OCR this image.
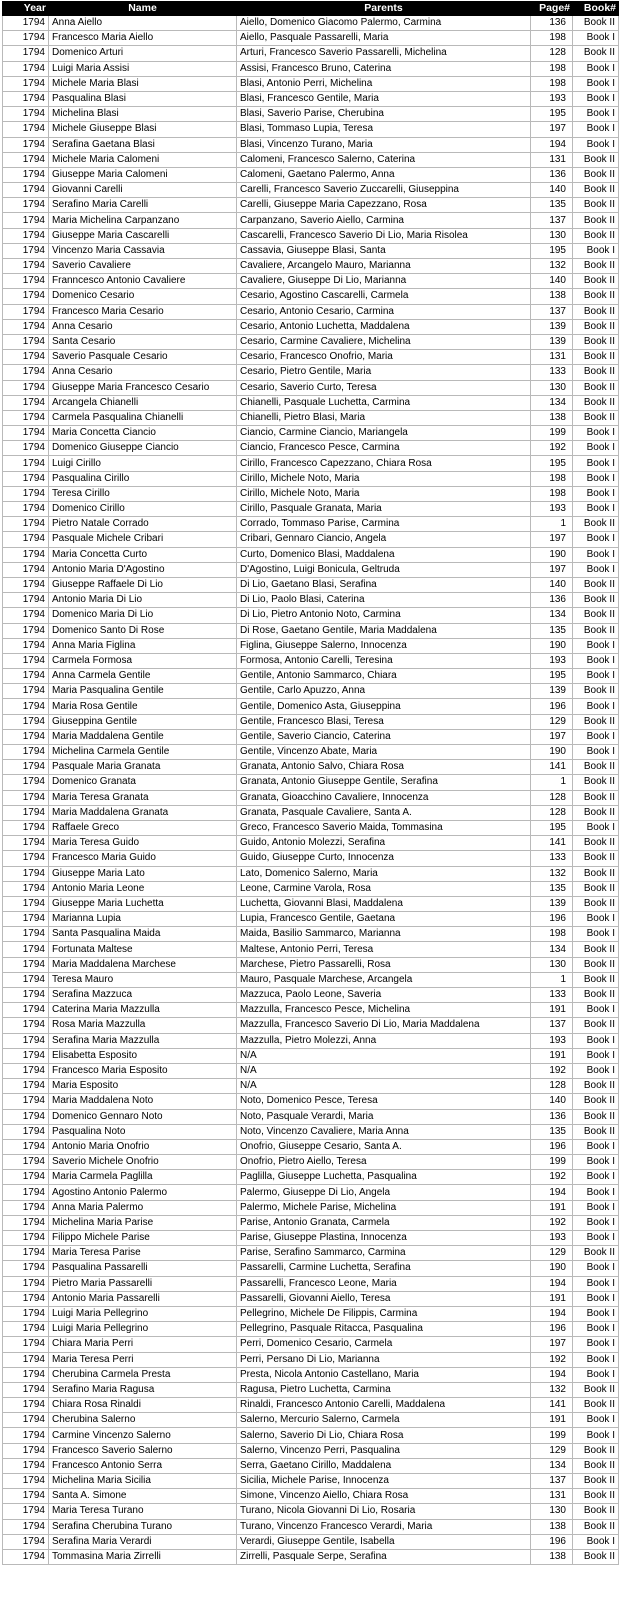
Year	Name	Parents	Page#	Book#
1794	Anna Aiello	Aiello, Domenico Giacomo Palermo, Carmina	136	Book II
1794	Francesco Maria Aiello	Aiello, Pasquale Passarelli, Maria	198	Book I
1794	Domenico Arturi	Arturi, Francesco Saverio Passarelli, Michelina	128	Book II
1794	Luigi Maria Assisi	Assisi, Francesco Bruno, Caterina	198	Book I
1794	Michele Maria Blasi	Blasi, Antonio Perri, Michelina	198	Book I
1794	Pasqualina Blasi	Blasi, Francesco Gentile, Maria	193	Book I
1794	Michelina Blasi	Blasi, Saverio Parise, Cherubina	195	Book I
1794	Michele Giuseppe Blasi	Blasi, Tommaso Lupia, Teresa	197	Book I
1794	Serafina Gaetana Blasi	Blasi, Vincenzo Turano, Maria	194	Book I
1794	Michele Maria Calomeni	Calomeni, Francesco Salerno, Caterina	131	Book II
1794	Giuseppe Maria Calomeni	Calomeni, Gaetano Palermo, Anna	136	Book II
1794	Giovanni Carelli	Carelli, Francesco Saverio Zuccarelli, Giuseppina	140	Book II
1794	Serafino Maria Carelli	Carelli, Giuseppe Maria Capezzano, Rosa	135	Book II
1794	Maria Michelina Carpanzano	Carpanzano, Saverio Aiello, Carmina	137	Book II
1794	Giuseppe Maria Cascarelli	Cascarelli, Francesco Saverio Di Lio, Maria Risolea	130	Book II
1794	Vincenzo Maria Cassavia	Cassavia, Giuseppe Blasi, Santa	195	Book I
1794	Saverio Cavaliere	Cavaliere, Arcangelo Mauro, Marianna	132	Book II
1794	Franncesco Antonio Cavaliere	Cavaliere, Giuseppe Di Lio, Marianna	140	Book II
1794	Domenico Cesario	Cesario, Agostino Cascarelli, Carmela	138	Book II
1794	Francesco Maria Cesario	Cesario, Antonio Cesario, Carmina	137	Book II
1794	Anna Cesario	Cesario, Antonio Luchetta, Maddalena	139	Book II
1794	Santa Cesario	Cesario, Carmine Cavaliere, Michelina	139	Book II
1794	Saverio Pasquale Cesario	Cesario, Francesco Onofrio, Maria	131	Book II
1794	Anna Cesario	Cesario, Pietro Gentile, Maria	133	Book II
1794	Giuseppe Maria Francesco Cesario	Cesario, Saverio Curto, Teresa	130	Book II
1794	Arcangela Chianelli	Chianelli, Pasquale Luchetta, Carmina	134	Book II
1794	Carmela Pasqualina Chianelli	Chianelli, Pietro Blasi, Maria	138	Book II
1794	Maria Concetta Ciancio	Ciancio, Carmine Ciancio, Mariangela	199	Book I
1794	Domenico Giuseppe Ciancio	Ciancio, Francesco Pesce, Carmina	192	Book I
1794	Luigi Cirillo	Cirillo, Francesco Capezzano, Chiara Rosa	195	Book I
1794	Pasqualina Cirillo	Cirillo, Michele Noto, Maria	198	Book I
1794	Teresa Cirillo	Cirillo, Michele Noto, Maria	198	Book I
1794	Domenico Cirillo	Cirillo, Pasquale Granata, Maria	193	Book I
1794	Pietro Natale Corrado	Corrado, Tommaso Parise, Carmina	1	Book II
1794	Pasquale Michele Cribari	Cribari, Gennaro Ciancio, Angela	197	Book I
1794	Maria Concetta Curto	Curto, Domenico Blasi, Maddalena	190	Book I
1794	Antonio Maria D'Agostino	D'Agostino, Luigi Bonicula, Geltruda	197	Book I
1794	Giuseppe Raffaele Di Lio	Di Lio, Gaetano Blasi, Serafina	140	Book II
1794	Antonio Maria Di Lio	Di Lio, Paolo Blasi, Caterina	136	Book II
1794	Domenico Maria Di Lio	Di Lio, Pietro Antonio Noto, Carmina	134	Book II
1794	Domenico Santo Di Rose	Di Rose, Gaetano Gentile, Maria Maddalena	135	Book II
1794	Anna Maria Figlina	Figlina, Giuseppe Salerno, Innocenza	190	Book I
1794	Carmela Formosa	Formosa, Antonio Carelli, Teresina	193	Book I
1794	Anna Carmela Gentile	Gentile, Antonio Sammarco, Chiara	195	Book I
1794	Maria Pasqualina Gentile	Gentile, Carlo Apuzzo, Anna	139	Book II
1794	Maria Rosa Gentile	Gentile, Domenico Asta, Giuseppina	196	Book I
1794	Giuseppina Gentile	Gentile, Francesco Blasi, Teresa	129	Book II
1794	Maria Maddalena Gentile	Gentile, Saverio Ciancio, Caterina	197	Book I
1794	Michelina Carmela Gentile	Gentile, Vincenzo Abate, Maria	190	Book I
1794	Pasquale Maria Granata	Granata, Antonio Salvo, Chiara Rosa	141	Book II
1794	Domenico Granata	Granata, Antonio Giuseppe Gentile, Serafina	1	Book II
1794	Maria Teresa Granata	Granata, Gioacchino Cavaliere, Innocenza	128	Book II
1794	Maria Maddalena Granata	Granata, Pasquale Cavaliere, Santa A.	128	Book II
1794	Raffaele Greco	Greco, Francesco Saverio Maida, Tommasina	195	Book I
1794	Maria Teresa Guido	Guido, Antonio Molezzi, Serafina	141	Book II
1794	Francesco Maria Guido	Guido, Giuseppe Curto, Innocenza	133	Book II
1794	Giuseppe Maria Lato	Lato, Domenico Salerno, Maria	132	Book II
1794	Antonio Maria Leone	Leone, Carmine Varola, Rosa	135	Book II
1794	Giuseppe Maria Luchetta	Luchetta, Giovanni Blasi, Maddalena	139	Book II
1794	Marianna Lupia	Lupia, Francesco Gentile, Gaetana	196	Book I
1794	Santa Pasqualina Maida	Maida, Basilio Sammarco, Marianna	198	Book I
1794	Fortunata Maltese	Maltese, Antonio Perri, Teresa	134	Book II
1794	Maria Maddalena Marchese	Marchese, Pietro Passarelli, Rosa	130	Book II
1794	Teresa Mauro	Mauro, Pasquale Marchese, Arcangela	1	Book II
1794	Serafina Mazzuca	Mazzuca, Paolo Leone, Saveria	133	Book II
1794	Caterina Maria Mazzulla	Mazzulla, Francesco Pesce, Michelina	191	Book I
1794	Rosa Maria Mazzulla	Mazzulla, Francesco Saverio Di Lio, Maria Maddalena	137	Book II
1794	Serafina Maria Mazzulla	Mazzulla, Pietro Molezzi, Anna	193	Book I
1794	Elisabetta Esposito	N/A	191	Book I
1794	Francesco Maria Esposito	N/A	192	Book I
1794	Maria Esposito	N/A	128	Book II
1794	Maria Maddalena Noto	Noto, Domenico Pesce, Teresa	140	Book II
1794	Domenico Gennaro Noto	Noto, Pasquale Verardi, Maria	136	Book II
1794	Pasqualina Noto	Noto, Vincenzo Cavaliere, Maria Anna	135	Book II
1794	Antonio Maria Onofrio	Onofrio, Giuseppe Cesario, Santa A.	196	Book I
1794	Saverio Michele Onofrio	Onofrio, Pietro Aiello, Teresa	199	Book I
1794	Maria Carmela Paglilla	Paglilla, Giuseppe Luchetta, Pasqualina	192	Book I
1794	Agostino Antonio Palermo	Palermo, Giuseppe Di Lio, Angela	194	Book I
1794	Anna Maria Palermo	Palermo, Michele Parise, Michelina	191	Book I
1794	Michelina Maria Parise	Parise, Antonio Granata, Carmela	192	Book I
1794	Filippo Michele Parise	Parise, Giuseppe Plastina, Innocenza	193	Book I
1794	Maria Teresa Parise	Parise, Serafino Sammarco, Carmina	129	Book II
1794	Pasqualina Passarelli	Passarelli, Carmine Luchetta, Serafina	190	Book I
1794	Pietro Maria Passarelli	Passarelli, Francesco Leone, Maria	194	Book I
1794	Antonio Maria Passarelli	Passarelli, Giovanni Aiello, Teresa	191	Book I
1794	Luigi Maria Pellegrino	Pellegrino, Michele De Filippis, Carmina	194	Book I
1794	Luigi Maria Pellegrino	Pellegrino, Pasquale Ritacca, Pasqualina	196	Book I
1794	Chiara Maria Perri	Perri, Domenico Cesario, Carmela	197	Book I
1794	Maria Teresa Perri	Perri, Persano Di Lio, Marianna	192	Book I
1794	Cherubina Carmela Presta	Presta, Nicola Antonio Castellano, Maria	194	Book I
1794	Serafino Maria Ragusa	Ragusa, Pietro Luchetta, Carmina	132	Book II
1794	Chiara Rosa Rinaldi	Rinaldi, Francesco Antonio Carelli, Maddalena	141	Book II
1794	Cherubina Salerno	Salerno, Mercurio Salerno, Carmela	191	Book I
1794	Carmine Vincenzo Salerno	Salerno, Saverio Di Lio, Chiara Rosa	199	Book I
1794	Francesco Saverio Salerno	Salerno, Vincenzo Perri, Pasqualina	129	Book II
1794	Francesco Antonio Serra	Serra, Gaetano Cirillo, Maddalena	134	Book II
1794	Michelina Maria Sicilia	Sicilia, Michele Parise, Innocenza	137	Book II
1794	Santa A. Simone	Simone, Vincenzo Aiello, Chiara Rosa	131	Book II
1794	Maria Teresa Turano	Turano, Nicola Giovanni Di Lio, Rosaria	130	Book II
1794	Serafina Cherubina Turano	Turano, Vincenzo Francesco Verardi, Maria	138	Book II
1794	Serafina Maria Verardi	Verardi, Giuseppe Gentile, Isabella	196	Book I
1794	Tommasina Maria Zirrelli	Zirrelli, Pasquale Serpe, Serafina	138	Book II
